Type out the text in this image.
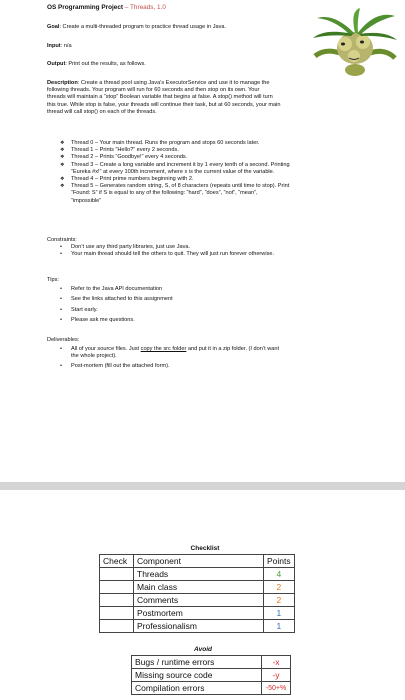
OS Programming Project – Threads, 1.0

Goal: Create a multi-threaded program to practice thread usage in Java.

Input: n/a

Output: Print out the results, as follows.

Description: Create a thread pool using Java’s ExecutorService and use it to manage the

following threads. Your program will run for 60 seconds and then stop on its own. Your

threads will maintain a “stop” Boolean variable that begins at false. A stop() method will turn

this true. While stop is false, your threads will continue their task, but at 60 seconds, your main

thread will call stop() on each of the threads.

❖ Thread 0 – Your main thread. Runs the program and stops 60 seconds later.
❖ Thread 1 – Prints “Hello?” every 2 seconds.
❖ Thread 2 – Prints “Goodbye!” every 4 seconds.
❖ Thread 3 – Create a long variable and increment it by 1 every tenth of a second. Printing
“Eureka #x!” at every 100th increment, where x is the current value of the variable.
❖ Thread 4 – Print prime numbers beginning with 2.
❖ Thread 5 – Generates random string, S, of 8 characters (repeats until time to stop). Print
“Found: S” if S is equal to any of the following: “hard”, “does”, “not”, “mean”,
“impossible”

Constraints:

• Don’t use any third party libraries, just use Java.
• Your main thread should tell the others to quit. They will just run forever otherwise.

Tips:

• Refer to the Java API documentation
• See the links attached to this assignment
• Start early.
• Please ask me questions.

Deliverables:

• All of your source files. Just copy the src folder and put it in a zip folder. (I don’t want
the whole project).
• Post-mortem (fill out the attached form).
Checklist
Check	Component	Points
	Threads	4
	Main class	2
	Comments	2
	Postmortem	1
	Professionalism	1
Avoid
Bugs / runtime errors	-x
Missing source code	-y
Compilation errors	-50+%
